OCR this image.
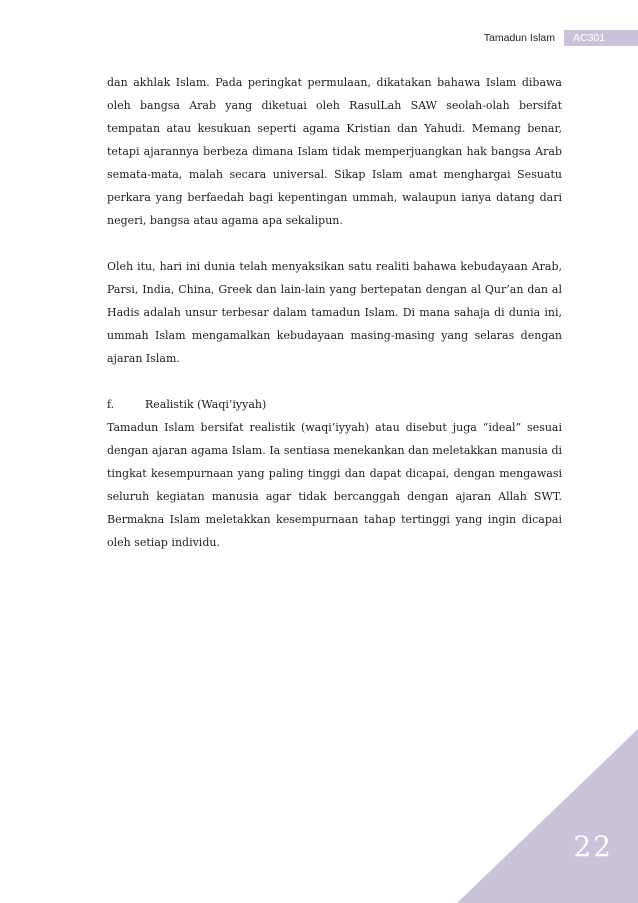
Tamadun Islam	AC301

dan akhlak Islam. Pada peringkat permulaan, dikatakan bahawa Islam dibawa oleh bangsa Arab yang diketuai oleh RasulLah SAW seolah-olah bersifat tempatan atau kesukuan seperti agama Kristian dan Yahudi. Memang benar, tetapi ajarannya berbeza dimana Islam tidak memperjuangkan hak bangsa Arab semata-mata, malah secara universal. Sikap Islam amat menghargai Sesuatu perkara yang berfaedah bagi kepentingan ummah, walaupun ianya datang dari negeri, bangsa atau agama apa sekalipun.

Oleh itu, hari ini dunia telah menyaksikan satu realiti bahawa kebudayaan Arab, Parsi, India, China, Greek dan lain-lain yang bertepatan dengan al Qur’an dan al Hadis adalah unsur terbesar dalam tamadun Islam. Di mana sahaja di dunia ini, ummah Islam mengamalkan kebudayaan masing-masing yang selaras dengan ajaran Islam.

f.	Realistik (Waqi’iyyah)

Tamadun Islam bersifat realistik (waqi’iyyah) atau disebut juga “ideal” sesuai dengan ajaran agama Islam. Ia sentiasa menekankan dan meletakkan manusia di tingkat kesempurnaan yang paling tinggi dan dapat dicapai, dengan mengawasi seluruh kegiatan manusia agar tidak bercanggah dengan ajaran Allah SWT. Bermakna Islam meletakkan kesempurnaan tahap tertinggi yang ingin dicapai oleh setiap individu.

22
